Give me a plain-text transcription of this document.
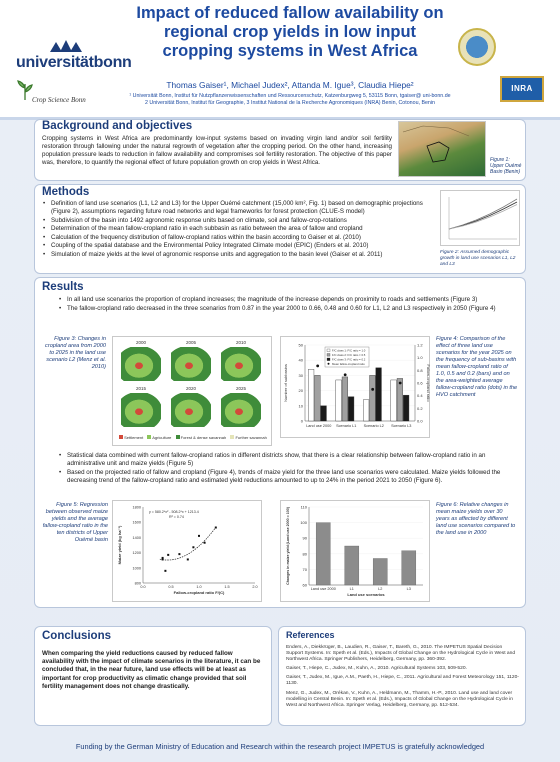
universitätbonn
Crop Science Bonn
Impact of reduced fallow availability on regional crop yields in low input cropping systems in West Africa
Thomas Gaiser¹, Michael Judex², Attanda M. Igue³, Claudia Hiepe²
¹ Universität Bonn, Institut für Nutzpflanzenwissenschaften und Ressourcenschutz, Katzenburgweg 5, 53115 Bonn, tgaiser@ uni-bonn.de
2 Universität Bonn, Institut für Geographie, 3 Institut National de la Recherche Agronomiques (INRA) Benin, Cotonou, Benin
INRA
Background and objectives
Cropping systems in West Africa are predominantly low-input systems based on invading virgin land and/or soil fertility restoration through fallowing under the natural regrowth of vegetation after the cropping period. On the other hand, increasing population pressure leads to reduction in fallow availability and compromises soil fertility restoration. The objective of this paper was, therefore, to quantify the regional effect of future population growth on crop yields in West Africa.	Figure 1: Upper Ouémé Basin (Benin)
Methods
• Definition of land use scenarios (L1, L2 and L3) for the Upper Ouémé catchment (15,000 km², Fig. 1) based on demographic projections (Figure 2), assumptions regarding future road networks and legal frameworks for forest protection (CLUE-S model)
• Subdivision of the basin into 1492 agronomic response units based on climate, soil and fallow-crop-rotations
• Determination of the mean fallow-cropland ratio in each subbasin as ratio between the area of fallow and cropland
• Calculation of the frequency distribution of fallow-cropland ratios within the basin according to Gaiser et al. (2010)
• Coupling of the spatial database and the Environmental Policy Integrated Climate model (EPIC) (Enders et al. 2010)
• Simulation of maize yields at the level of agronomic response units and aggregation to the basin level (Gaiser et al. 2011)	Figure 2: Assumed demographic growth in land use scenarios L1, L2 and L3
Results
• In all land use scenarios the proportion of cropland increases; the magnitude of the increase depends on proximity to roads and settlements (Figure 3)
• The fallow-cropland ratio decreased in the three scenarios from 0.87 in the year 2000 to 0.66, 0.48 and 0.60 for L1, L2 and L3 respectively in 2050 (Figure 4)
Figure 3: Changes in cropland area from 2000 to 2025 in the land use scenario L2 (Menz et al. 2010)
2000	2005	2010
2015	2020	2025
Settlement Agriculture Forest & dense savannah Further savannah
0
10
20
30
40
50
0.0
0.2
0.4
0.6
0.8
1.0
1.2
Land use 2000 Scenario L1 Scenario L2 Scenario L3
Number of subbasins	Fallow-cropland ratio
F/C class 1: F/C ratio = 1.0
F/C class 2: F/C ratio = 0.5
F/C class 3: F/C ratio = 0.2
Mean fallow-cropland ratio
Figure 4: Comparison of the effect of three land use scenarios for the year 2025 on the frequency of sub-basins with mean fallow-cropland ratio of 1.0, 0.5 and 0.2 (bars) and on the area-weighted average fallow-cropland ratio (dots) in the HVO catchment
• Statistical data combined with current fallow-cropland ratios in different districts show, that there is a clear relationship between fallow-cropland ratio in an administrative unit and maize yields (Figure 5)
• Based on the projected ratio of fallow and cropland (Figure 4), trends of maize yield for the three land use scenarios were calculated. Maize yields followed the decreasing trend of the fallow-cropland ratio and estimated yield reductions amounted to up to 24% in the period 2021 to 2050 (Figure 6).
Figure 5: Regression between observed maize yields and the average fallow-cropland ratio in the ten districts of Upper Ouémé basin
800
1000
1200
1400
1600
1800
0.0	0.5	1.0	1.5	2.0
y = 580.2*x² - 508.2*x + 1213.4
R² = 0.74
Fallow-cropland ratio F/(C)
Maize yield (kg ha⁻¹)
60
70
80
90
100
110
Land use 2000	L1	L2	L3
Land use scenarios
Changes in maize yield (Land use 2000 = 100)
Figure 6: Relative changes in mean maize yields over 30 years as affected by different land use scenarios compared to the land use in 2000
Conclusions
When comparing the yield reductions caused by reduced fallow availability with the impact of climate scenarios in the literature, it can be concluded that, in the near future, land use effects will be at least as important for crop productivity as climatic change provided that soil fertility management does not change drastically.
References
Enders, A., Diekkrüger, B., Laudien, R., Gaiser, T., Bareth, G., 2010. The IMPETUS Spatial Decision Support Systems. In: Speth et al. (Eds.), Impacts of Global Change on the Hydrological Cycle in West and Northwest Africa. Springer Publishers, Heidelberg, Germany, pp. 360-392.
Gaiser, T., Hiepe, C., Judex, M., Kuhn, A., 2010. Agricultural Systems 103, 509-520.
Gaiser, T., Judex, M., Igue, A.M., Paeth, H., Hiepe, C., 2011. Agricultural and Forest Meteorology 151, 1120-1130.
Menz, G., Judex, M., Orékan, V., Kuhn, A., Heldmann, M., Thamm, H.-P., 2010. Land use and land cover modelling in Central Benin. In: Speth et al. (Eds.), Impacts of Global Change on the Hydrological Cycle in West and Northwest Africa. Springer Verlag, Heidelberg, Germany, pp. 512-534.
Funding by the German Ministry of Education and Research within the research project IMPETUS is gratefully acknowledged
